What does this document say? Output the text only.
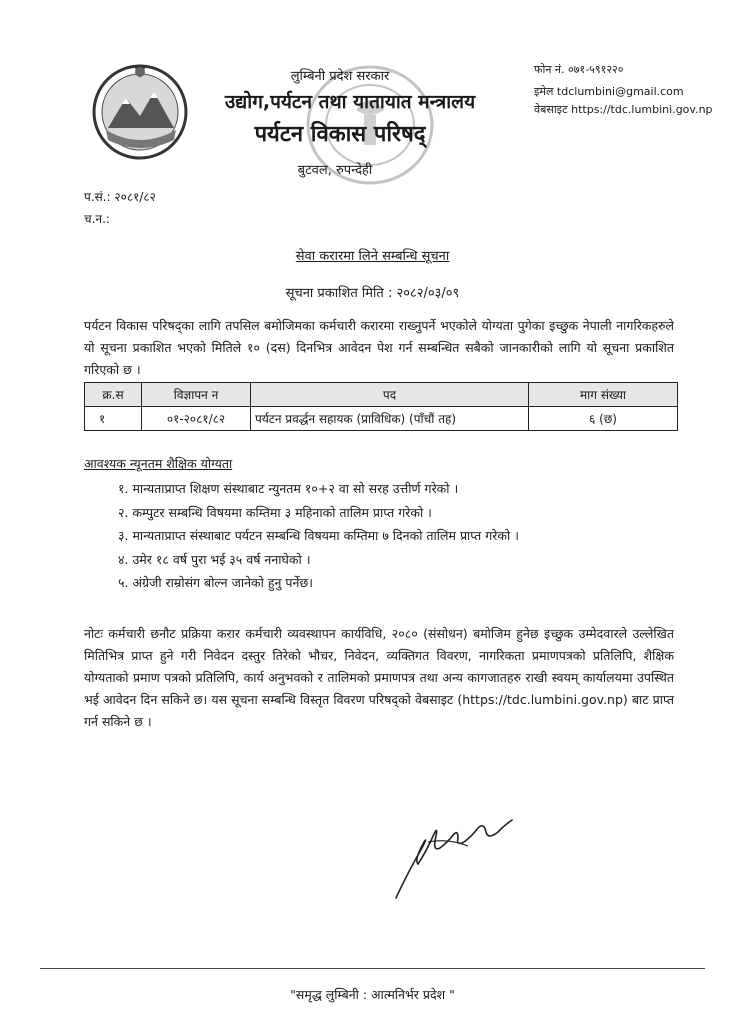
लुम्बिनी प्रदेश सरकार
उद्योग,पर्यटन तथा यातायात मन्त्रालय
पर्यटन विकास परिषद्
बुटवल, रुपन्देही
फोन नं. ०७१-५९१२२०
इमेल tdclumbini@gmail.com
वेबसाइट https://tdc.lumbini.gov.np
प.सं.: २०८१/८२
च.न.:
सेवा करारमा लिने सम्बन्धि सूचना
सूचना प्रकाशित मिति : २०८२/०३/०९
पर्यटन विकास परिषद्का लागि तपसिल बमोजिमका कर्मचारी करारमा राख्नुपर्ने भएकोले योग्यता पुगेका इच्छुक नेपाली नागरिकहरुले यो सूचना प्रकाशित भएको मितिले १० (दस) दिनभित्र आवेदन पेश गर्न सम्बन्धित सबैको जानकारीको लागि यो सूचना प्रकाशित गरिएको छ ।
क्र.स	विज्ञापन न	पद	माग संख्या
१	०१-२०८१/८२	पर्यटन प्रवर्द्धन सहायक (प्राविधिक) (पाँचौं तह)	६ (छ)
आवश्यक न्यूनतम शैक्षिक योग्यता
१. मान्यताप्राप्त शिक्षण संस्थाबाट न्युनतम १०+२ वा सो सरह उत्तीर्ण गरेको ।
२. कम्पुटर सम्बन्धि विषयमा कम्तिमा ३ महिनाको तालिम प्राप्त गरेको ।
३. मान्यताप्राप्त संस्थाबाट पर्यटन सम्बन्धि विषयमा कम्तिमा ७ दिनको तालिम प्राप्त गरेको ।
४. उमेर १८ वर्ष पुरा भई ३५ वर्ष ननाघेको ।
५. अंग्रेजी राम्रोसंग बोल्न जानेको हुनु पर्नेछ।
नोटः कर्मचारी छनौट प्रक्रिया करार कर्मचारी व्यवस्थापन कार्यविधि, २०८० (संसोधन) बमोजिम हुनेछ इच्छुक उम्मेदवारले उल्लेखित मितिभित्र प्राप्त हुने गरी निवेदन दस्तुर तिरेको भौचर, निवेदन, व्यक्तिगत विवरण, नागरिकता प्रमाणपत्रको प्रतिलिपि, शैक्षिक योग्यताको प्रमाण पत्रको प्रतिलिपि, कार्य अनुभवको र तालिमको प्रमाणपत्र तथा अन्य कागजातहरु राखी स्वयम् कार्यालयमा उपस्थित भई आवेदन दिन सकिने छ। यस सूचना सम्बन्धि विस्तृत विवरण परिषद्को वेबसाइट (https://tdc.lumbini.gov.np) बाट प्राप्त गर्न सकिने छ ।
"समृद्ध लुम्बिनी : आत्मनिर्भर प्रदेश "
